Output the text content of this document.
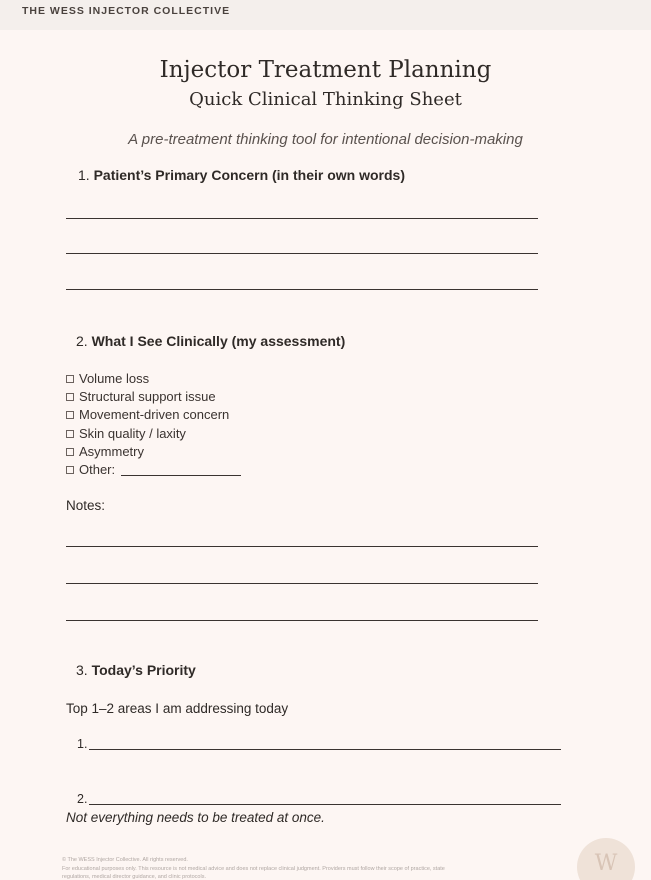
THE WESS INJECTOR COLLECTIVE
Injector Treatment Planning
Quick Clinical Thinking Sheet
A pre-treatment thinking tool for intentional decision-making
1. Patient’s Primary Concern (in their own words)
2. What I See Clinically (my assessment)
Volume loss
Structural support issue
Movement-driven concern
Skin quality / laxity
Asymmetry
Other:
Notes:
3. Today’s Priority
Top 1–2 areas I am addressing today
1.
2.
Not everything needs to be treated at once.
© The WESS Injector Collective. All rights reserved.
For educational purposes only. This resource is not medical advice and does not replace clinical judgment. Providers must follow their scope of practice, state
regulations, medical director guidance, and clinic protocols.
W
